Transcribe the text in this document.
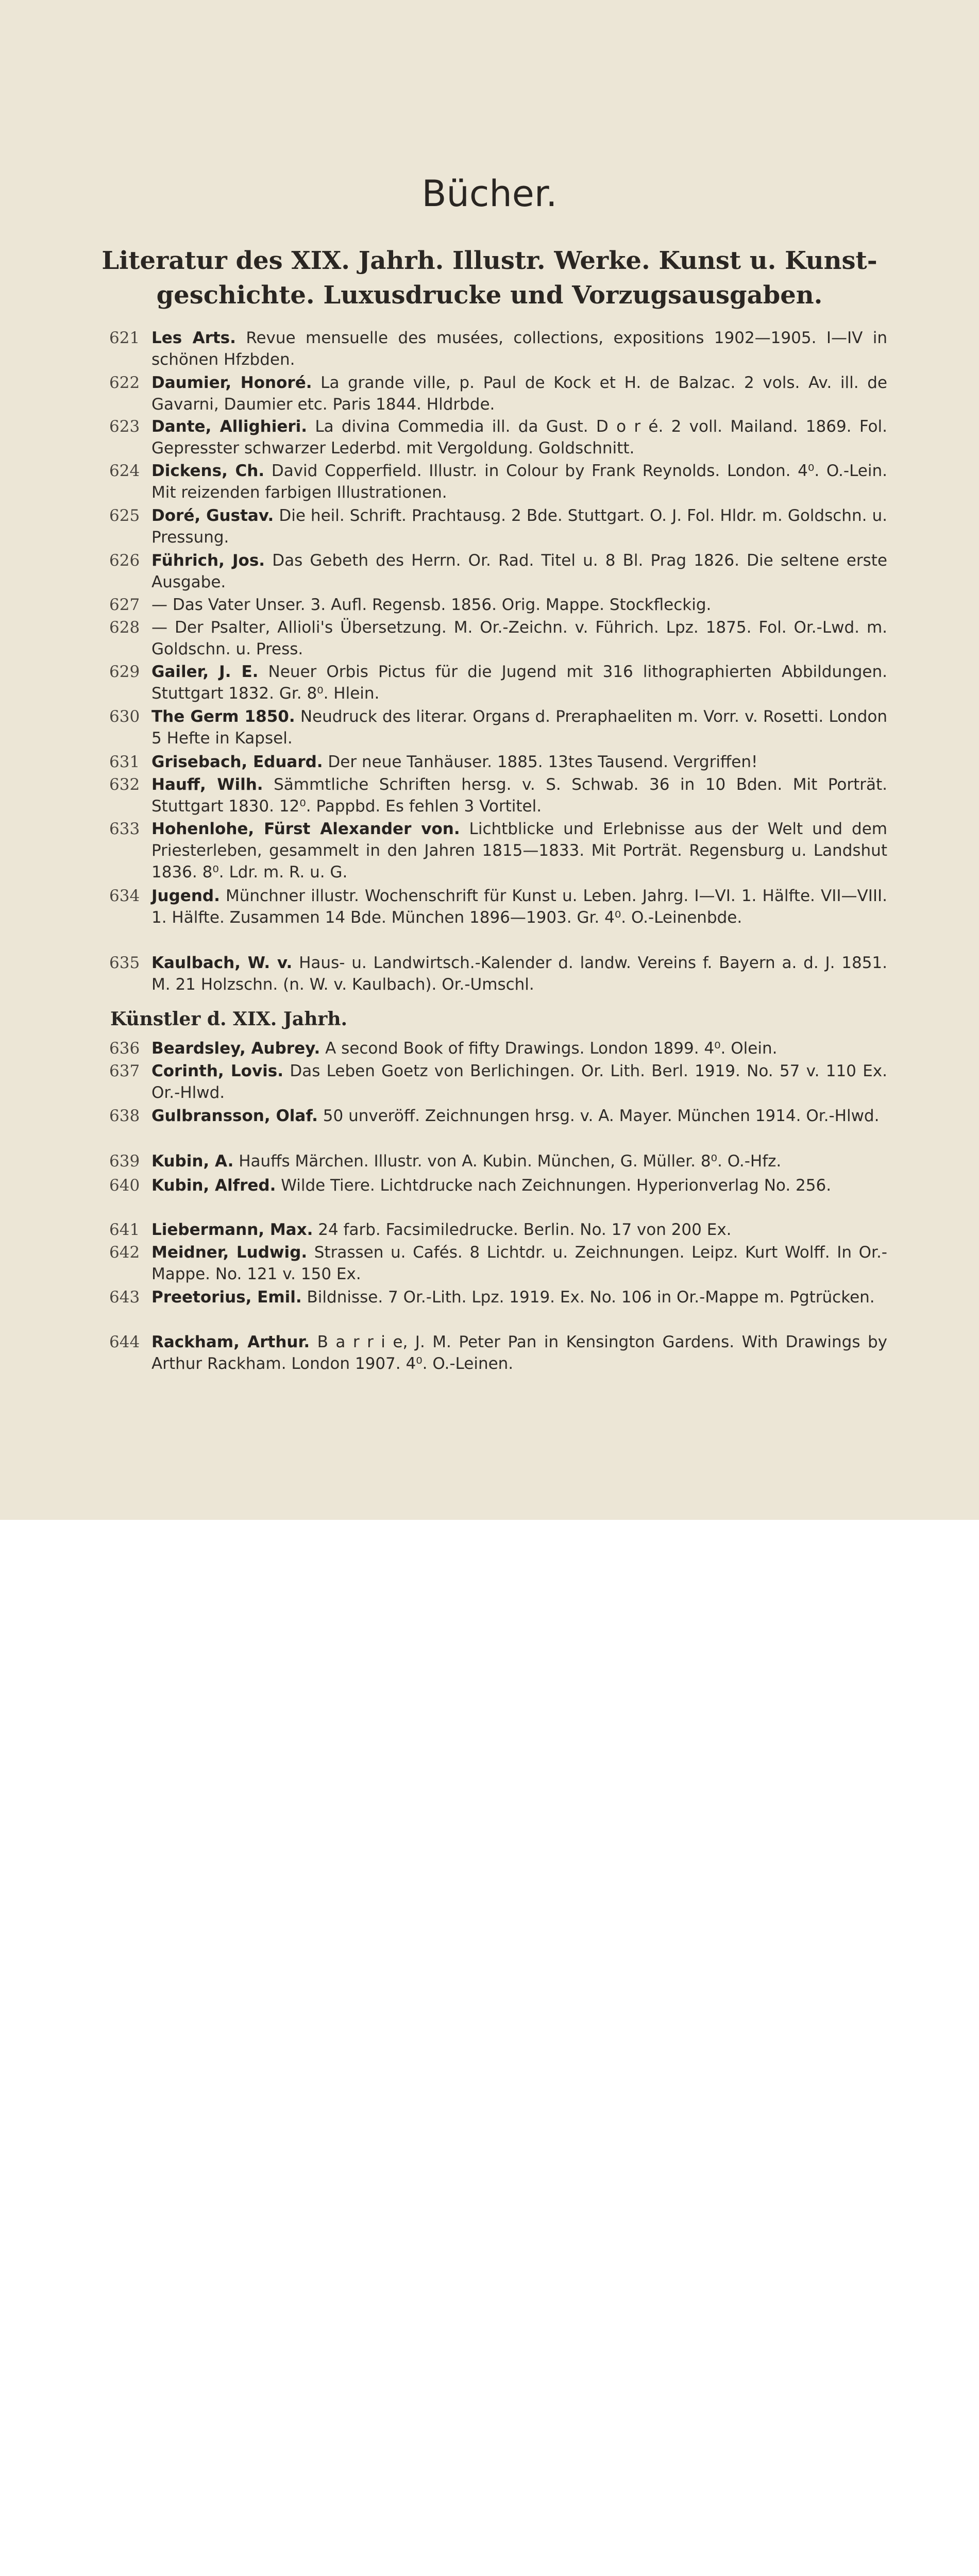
Bücher.
Literatur des XIX. Jahrh. Illustr. Werke. Kunst u. Kunst-
geschichte. Luxusdrucke und Vorzugsausgaben.
621 Les Arts. Revue mensuelle des musées, collections, expositions 1902—1905. I—IV in schönen Hfzbden.
622 Daumier, Honoré. La grande ville, p. Paul de Kock et H. de Balzac. 2 vols. Av. ill. de Gavarni, Daumier etc. Paris 1844. Hldrbde.
623 Dante, Allighieri. La divina Commedia ill. da Gust. D o r é. 2 voll. Mailand. 1869. Fol. Gepresster schwarzer Lederbd. mit Vergoldung. Goldschnitt.
624 Dickens, Ch. David Copperfield. Illustr. in Colour by Frank Reynolds. London. 4⁰. O.-Lein. Mit reizenden farbigen Illustrationen.
625 Doré, Gustav. Die heil. Schrift. Prachtausg. 2 Bde. Stuttgart. O. J. Fol. Hldr. m. Goldschn. u. Pressung.
626 Führich, Jos. Das Gebeth des Herrn. Or. Rad. Titel u. 8 Bl. Prag 1826. Die seltene erste Ausgabe.
627 — Das Vater Unser. 3. Aufl. Regensb. 1856. Orig. Mappe. Stockfleckig.
628 — Der Psalter, Allioli's Übersetzung. M. Or.-Zeichn. v. Führich. Lpz. 1875. Fol. Or.-Lwd. m. Goldschn. u. Press.
629 Gailer, J. E. Neuer Orbis Pictus für die Jugend mit 316 lithographierten Abbildungen. Stuttgart 1832. Gr. 8⁰. Hlein.
630 The Germ 1850. Neudruck des literar. Organs d. Preraphaeliten m. Vorr. v. Rosetti. London 5 Hefte in Kapsel.
631 Grisebach, Eduard. Der neue Tanhäuser. 1885. 13tes Tausend. Vergriffen!
632 Hauff, Wilh. Sämmtliche Schriften hersg. v. S. Schwab. 36 in 10 Bden. Mit Porträt. Stuttgart 1830. 12⁰. Pappbd. Es fehlen 3 Vortitel.
633 Hohenlohe, Fürst Alexander von. Lichtblicke und Erlebnisse aus der Welt und dem Priesterleben, gesammelt in den Jahren 1815—1833. Mit Porträt. Regensburg u. Landshut 1836. 8⁰. Ldr. m. R. u. G.
634 Jugend. Münchner illustr. Wochenschrift für Kunst u. Leben. Jahrg. I—VI. 1. Hälfte. VII—VIII. 1. Hälfte. Zusammen 14 Bde. München 1896—1903. Gr. 4⁰. O.-Leinenbde.
635 Kaulbach, W. v. Haus- u. Landwirtsch.-Kalender d. landw. Vereins f. Bayern a. d. J. 1851. M. 21 Holzschn. (n. W. v. Kaulbach). Or.-Umschl.
Künstler d. XIX. Jahrh.
636 Beardsley, Aubrey. A second Book of fifty Drawings. London 1899. 4⁰. Olein.
637 Corinth, Lovis. Das Leben Goetz von Berlichingen. Or. Lith. Berl. 1919. No. 57 v. 110 Ex. Or.-Hlwd.
638 Gulbransson, Olaf. 50 unveröff. Zeichnungen hrsg. v. A. Mayer. München 1914. Or.-Hlwd.
639 Kubin, A. Hauffs Märchen. Illustr. von A. Kubin. München, G. Müller. 8⁰. O.-Hfz.
640 Kubin, Alfred. Wilde Tiere. Lichtdrucke nach Zeichnungen. Hyperionverlag No. 256.
641 Liebermann, Max. 24 farb. Facsimiledrucke. Berlin. No. 17 von 200 Ex.
642 Meidner, Ludwig. Strassen u. Cafés. 8 Lichtdr. u. Zeichnungen. Leipz. Kurt Wolff. In Or.-Mappe. No. 121 v. 150 Ex.
643 Preetorius, Emil. Bildnisse. 7 Or.-Lith. Lpz. 1919. Ex. No. 106 in Or.-Mappe m. Pgtrücken.
644 Rackham, Arthur. B a r r i e, J. M. Peter Pan in Kensington Gardens. With Drawings by Arthur Rackham. London 1907. 4⁰. O.-Leinen.
